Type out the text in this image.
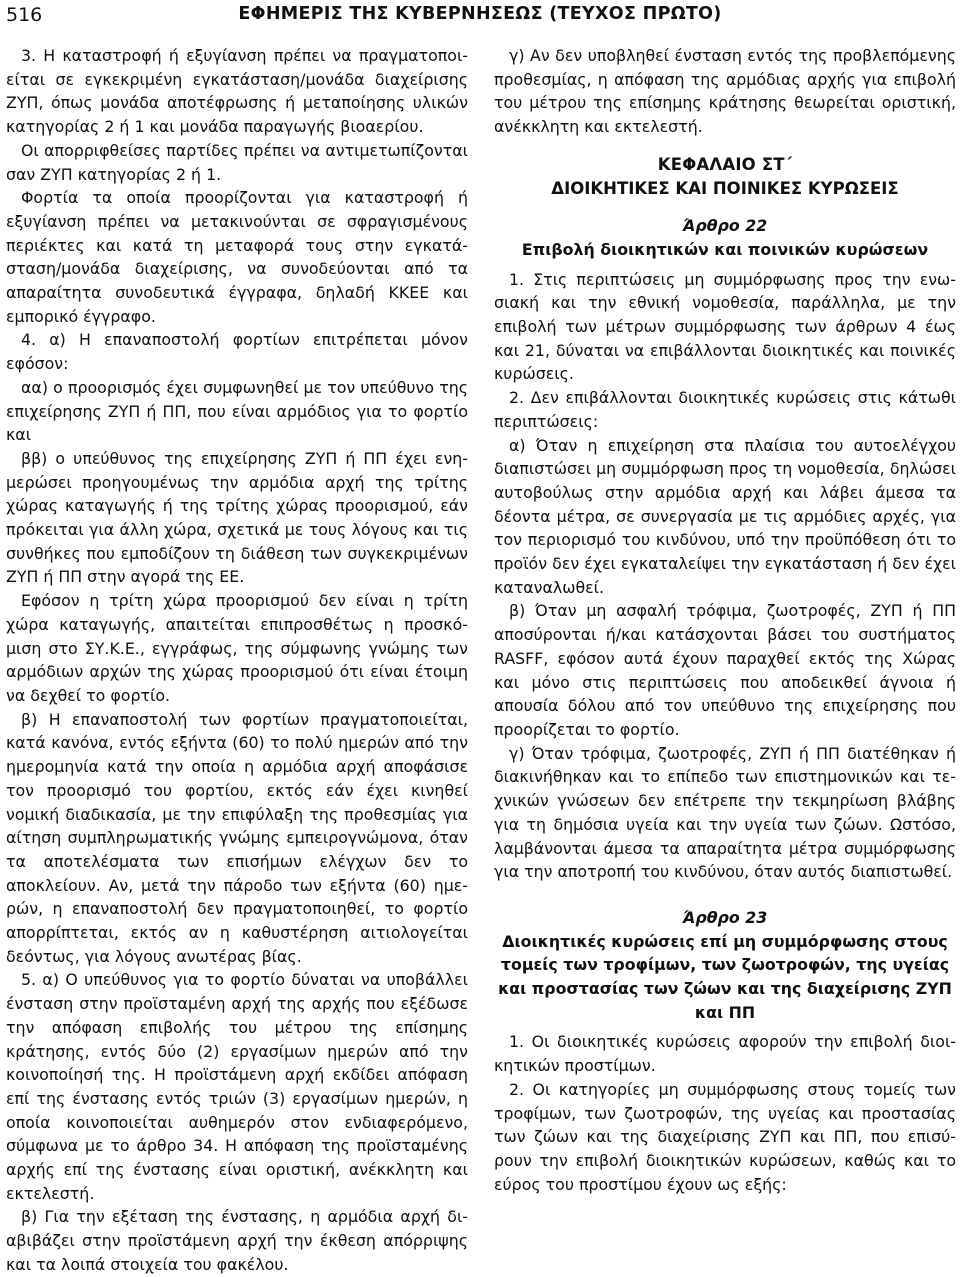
516	ΕΦΗΜΕΡΙΣ ΤΗΣ ΚΥΒΕΡΝΗΣΕΩΣ (ΤΕΥΧΟΣ ΠΡΩΤΟ)

3. Η καταστροφή ή εξυγίανση πρέπει να πραγματοποιείται σε εγκεκριμένη εγκατάσταση/μονάδα διαχείρισης ΖΥΠ, όπως μονάδα αποτέφρωσης ή μεταποίησης υλικών κατηγορίας 2 ή 1 και μονάδα παραγωγής βιοαερίου.

Οι απορριφθείσες παρτίδες πρέπει να αντιμετωπίζονται σαν ΖΥΠ κατηγορίας 2 ή 1.

Φορτία τα οποία προορίζονται για καταστροφή ή εξυγίανση πρέπει να μετακινούνται σε σφραγισμένους περιέκτες και κατά τη μεταφορά τους στην εγκατάσταση/μονάδα διαχείρισης, να συνοδεύονται από τα απαραίτητα συνοδευτικά έγγραφα, δηλαδή ΚΚΕΕ και εμπορικό έγγραφο.

4. α) Η επαναποστολή φορτίων επιτρέπεται μόνον εφόσον:

αα) ο προορισμός έχει συμφωνηθεί με τον υπεύθυνο της επιχείρησης ΖΥΠ ή ΠΠ, που είναι αρμόδιος για το φορτίο και

ββ) ο υπεύθυνος της επιχείρησης ΖΥΠ ή ΠΠ έχει ενημερώσει προηγουμένως την αρμόδια αρχή της τρίτης χώρας καταγωγής ή της τρίτης χώρας προορισμού, εάν πρόκειται για άλλη χώρα, σχετικά με τους λόγους και τις συνθήκες που εμποδίζουν τη διάθεση των συγκεκριμένων ΖΥΠ ή ΠΠ στην αγορά της ΕΕ.

Εφόσον η τρίτη χώρα προορισμού δεν είναι η τρίτη χώρα καταγωγής, απαιτείται επιπροσθέτως η προσκόμιση στο ΣΥ.Κ.Ε., εγγράφως, της σύμφωνης γνώμης των αρμόδιων αρχών της χώρας προορισμού ότι είναι έτοιμη να δεχθεί το φορτίο.

β) Η επαναποστολή των φορτίων πραγματοποιείται, κατά κανόνα, εντός εξήντα (60) το πολύ ημερών από την ημερομηνία κατά την οποία η αρμόδια αρχή αποφάσισε τον προορισμό του φορτίου, εκτός εάν έχει κινηθεί νομική διαδικασία, με την επιφύλαξη της προθεσμίας για αίτηση συμπληρωματικής γνώμης εμπειρογνώμονα, όταν τα αποτελέσματα των επισήμων ελέγχων δεν το αποκλείουν. Αν, μετά την πάροδο των εξήντα (60) ημερών, η επαναποστολή δεν πραγματοποιηθεί, το φορτίο απορρίπτεται, εκτός αν η καθυστέρηση αιτιολογείται δεόντως, για λόγους ανωτέρας βίας.

5. α) Ο υπεύθυνος για το φορτίο δύναται να υποβάλλει ένσταση στην προϊσταμένη αρχή της αρχής που εξέδωσε την απόφαση επιβολής του μέτρου της επίσημης κράτησης, εντός δύο (2) εργασίμων ημερών από την κοινοποίησή της. Η προϊστάμενη αρχή εκδίδει απόφαση επί της ένστασης εντός τριών (3) εργασίμων ημερών, η οποία κοινοποιείται αυθημερόν στον ενδιαφερόμενο, σύμφωνα με το άρθρο 34. Η απόφαση της προϊσταμένης αρχής επί της ένστασης είναι οριστική, ανέκκλητη και εκτελεστή.

β) Για την εξέταση της ένστασης, η αρμόδια αρχή διαβιβάζει στην προϊστάμενη αρχή την έκθεση απόρριψης και τα λοιπά στοιχεία του φακέλου.

γ) Αν δεν υποβληθεί ένσταση εντός της προβλεπόμενης προθεσμίας, η απόφαση της αρμόδιας αρχής για επιβολή του μέτρου της επίσημης κράτησης θεωρείται οριστική, ανέκκλητη και εκτελεστή.

ΚΕΦΑΛΑΙΟ ΣΤ΄
ΔΙΟΙΚΗΤΙΚΕΣ ΚΑΙ ΠΟΙΝΙΚΕΣ ΚΥΡΩΣΕΙΣ
Άρθρο 22
Επιβολή διοικητικών και ποινικών κυρώσεων

1. Στις περιπτώσεις μη συμμόρφωσης προς την ενωσιακή και την εθνική νομοθεσία, παράλληλα, με την επιβολή των μέτρων συμμόρφωσης των άρθρων 4 έως και 21, δύναται να επιβάλλονται διοικητικές και ποινικές κυρώσεις.

2. Δεν επιβάλλονται διοικητικές κυρώσεις στις κάτωθι περιπτώσεις:

α) Όταν η επιχείρηση στα πλαίσια του αυτοελέγχου διαπιστώσει μη συμμόρφωση προς τη νομοθεσία, δηλώσει αυτοβούλως στην αρμόδια αρχή και λάβει άμεσα τα δέοντα μέτρα, σε συνεργασία με τις αρμόδιες αρχές, για τον περιορισμό του κινδύνου, υπό την προϋπόθεση ότι το προϊόν δεν έχει εγκαταλείψει την εγκατάσταση ή δεν έχει καταναλωθεί.

β) Όταν μη ασφαλή τρόφιμα, ζωοτροφές, ΖΥΠ ή ΠΠ αποσύρονται ή/και κατάσχονται βάσει του συστήματος RASFF, εφόσον αυτά έχουν παραχθεί εκτός της Χώρας και μόνο στις περιπτώσεις που αποδεικθεί άγνοια ή απουσία δόλου από τον υπεύθυνο της επιχείρησης που προορίζεται το φορτίο.

γ) Όταν τρόφιμα, ζωοτροφές, ΖΥΠ ή ΠΠ διατέθηκαν ή διακινήθηκαν και το επίπεδο των επιστημονικών και τεχνικών γνώσεων δεν επέτρεπε την τεκμηρίωση βλάβης για τη δημόσια υγεία και την υγεία των ζώων. Ωστόσο, λαμβάνονται άμεσα τα απαραίτητα μέτρα συμμόρφωσης για την αποτροπή του κινδύνου, όταν αυτός διαπιστωθεί.

Άρθρο 23
Διοικητικές κυρώσεις επί μη συμμόρφωσης στους τομείς των τροφίμων, των ζωοτροφών, της υγείας και προστασίας των ζώων και της διαχείρισης ΖΥΠ και ΠΠ

1. Οι διοικητικές κυρώσεις αφορούν την επιβολή διοικητικών προστίμων.

2. Οι κατηγορίες μη συμμόρφωσης στους τομείς των τροφίμων, των ζωοτροφών, της υγείας και προστασίας των ζώων και της διαχείρισης ΖΥΠ και ΠΠ, που επισύρουν την επιβολή διοικητικών κυρώσεων, καθώς και το εύρος του προστίμου έχουν ως εξής:
